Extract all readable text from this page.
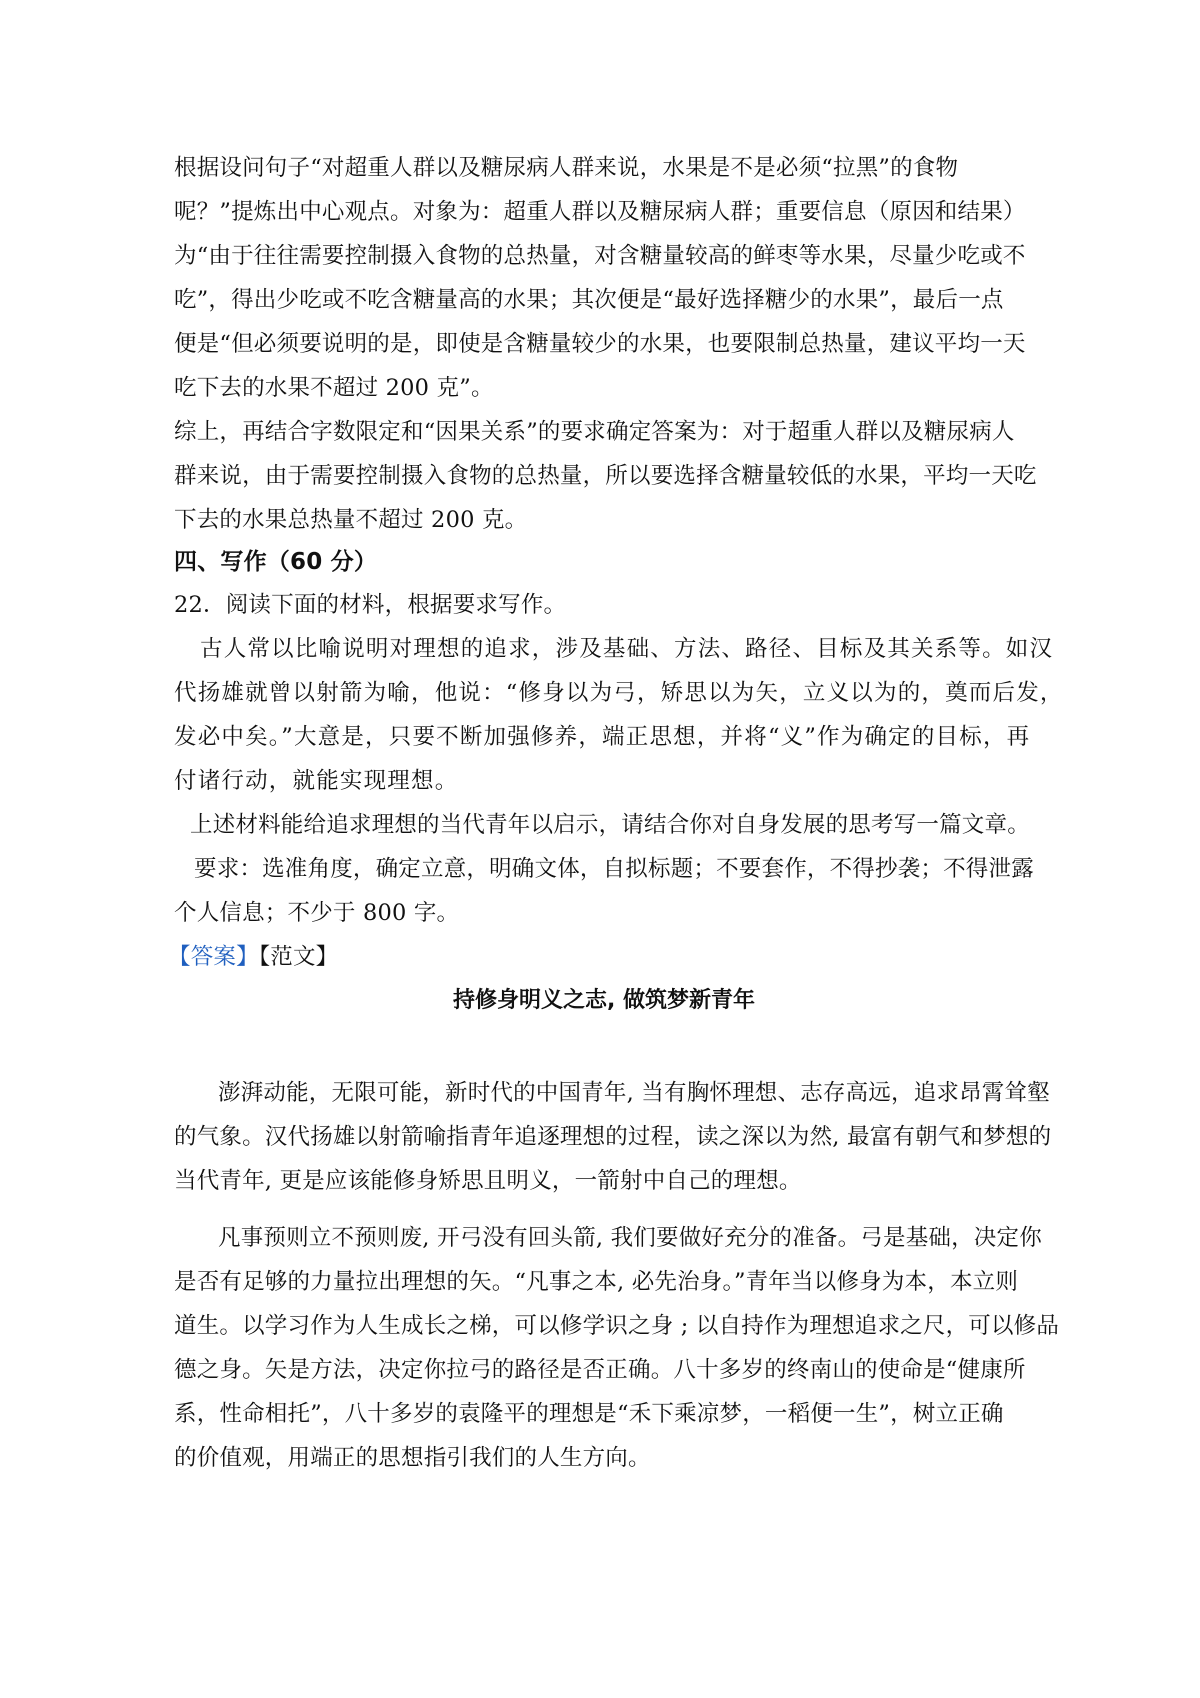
根据设问句子“对超重人群以及糖尿病人群来说，水果是不是必须“拉黑”的食物
呢？”提炼出中心观点。对象为：超重人群以及糖尿病人群；重要信息（原因和结果）
为“由于往往需要控制摄入食物的总热量，对含糖量较高的鲜枣等水果，尽量少吃或不
吃”，得出少吃或不吃含糖量高的水果；其次便是“最好选择糖少的水果”，最后一点
便是“但必须要说明的是，即使是含糖量较少的水果，也要限制总热量，建议平均一天
吃下去的水果不超过 200 克”。
综上，再结合字数限定和“因果关系”的要求确定答案为：对于超重人群以及糖尿病人
群来说，由于需要控制摄入食物的总热量，所以要选择含糖量较低的水果，平均一天吃
下去的水果总热量不超过 200 克。
四、写作（60 分）
22．阅读下面的材料，根据要求写作。
古人常以比喻说明对理想的追求，涉及基础、方法、路径、目标及其关系等。如汉
代扬雄就曾以射箭为喻，他说：“修身以为弓，矫思以为矢，立义以为的，奠而后发，
发必中矣。”大意是，只要不断加强修养，端正思想，并将“义”作为确定的目标，再
付诸行动，就能实现理想。
上述材料能给追求理想的当代青年以启示，请结合你对自身发展的思考写一篇文章。
要求：选准角度，确定立意，明确文体，自拟标题；不要套作，不得抄袭；不得泄露
个人信息；不少于 800 字。
【答案】【范文】
持修身明义之志, 做筑梦新青年
澎湃动能，无限可能，新时代的中国青年, 当有胸怀理想、志存高远，追求昂霄耸壑
的气象。汉代扬雄以射箭喻指青年追逐理想的过程，读之深以为然, 最富有朝气和梦想的
当代青年, 更是应该能修身矫思且明义，一箭射中自己的理想。
凡事预则立不预则废, 开弓没有回头箭, 我们要做好充分的准备。弓是基础，决定你
是否有足够的力量拉出理想的矢。“凡事之本, 必先治身。”青年当以修身为本，本立则
道生。以学习作为人生成长之梯，可以修学识之身 ; 以自持作为理想追求之尺，可以修品
德之身。矢是方法，决定你拉弓的路径是否正确。八十多岁的终南山的使命是“健康所
系，性命相托”，八十多岁的袁隆平的理想是“禾下乘凉梦，一稻便一生”，树立正确
的价值观，用端正的思想指引我们的人生方向。
